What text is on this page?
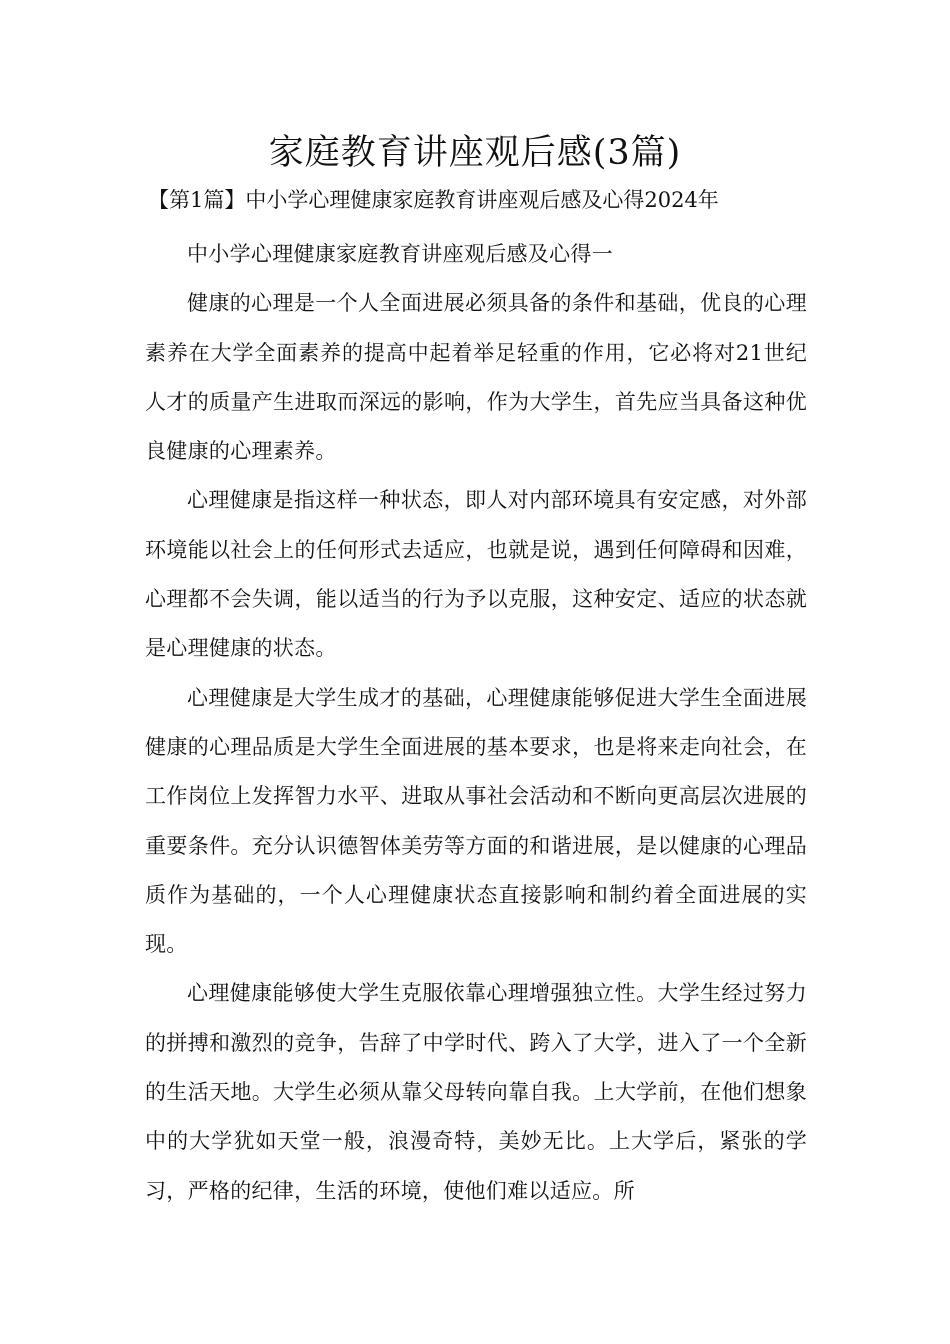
家庭教育讲座观后感(3篇)
【第1篇】中小学心理健康家庭教育讲座观后感及心得2024年

中小学心理健康家庭教育讲座观后感及心得一

健康的心理是一个人全面进展必须具备的条件和基础，优良的心理素养在大学全面素养的提高中起着举足轻重的作用，它必将对21世纪人才的质量产生进取而深远的影响，作为大学生，首先应当具备这种优良健康的心理素养。

心理健康是指这样一种状态，即人对内部环境具有安定感，对外部环境能以社会上的任何形式去适应，也就是说，遇到任何障碍和因难，心理都不会失调，能以适当的行为予以克服，这种安定、适应的状态就是心理健康的状态。

心理健康是大学生成才的基础，心理健康能够促进大学生全面进展健康的心理品质是大学生全面进展的基本要求，也是将来走向社会，在工作岗位上发挥智力水平、进取从事社会活动和不断向更高层次进展的重要条件。充分认识德智体美劳等方面的和谐进展，是以健康的心理品质作为基础的，一个人心理健康状态直接影响和制约着全面进展的实现。

心理健康能够使大学生克服依靠心理增强独立性。大学生经过努力的拼搏和激烈的竞争，告辞了中学时代、跨入了大学，进入了一个全新的生活天地。大学生必须从靠父母转向靠自我。上大学前，在他们想象中的大学犹如天堂一般，浪漫奇特，美妙无比。上大学后，紧张的学习，严格的纪律，生活的环境，使他们难以适应。所
